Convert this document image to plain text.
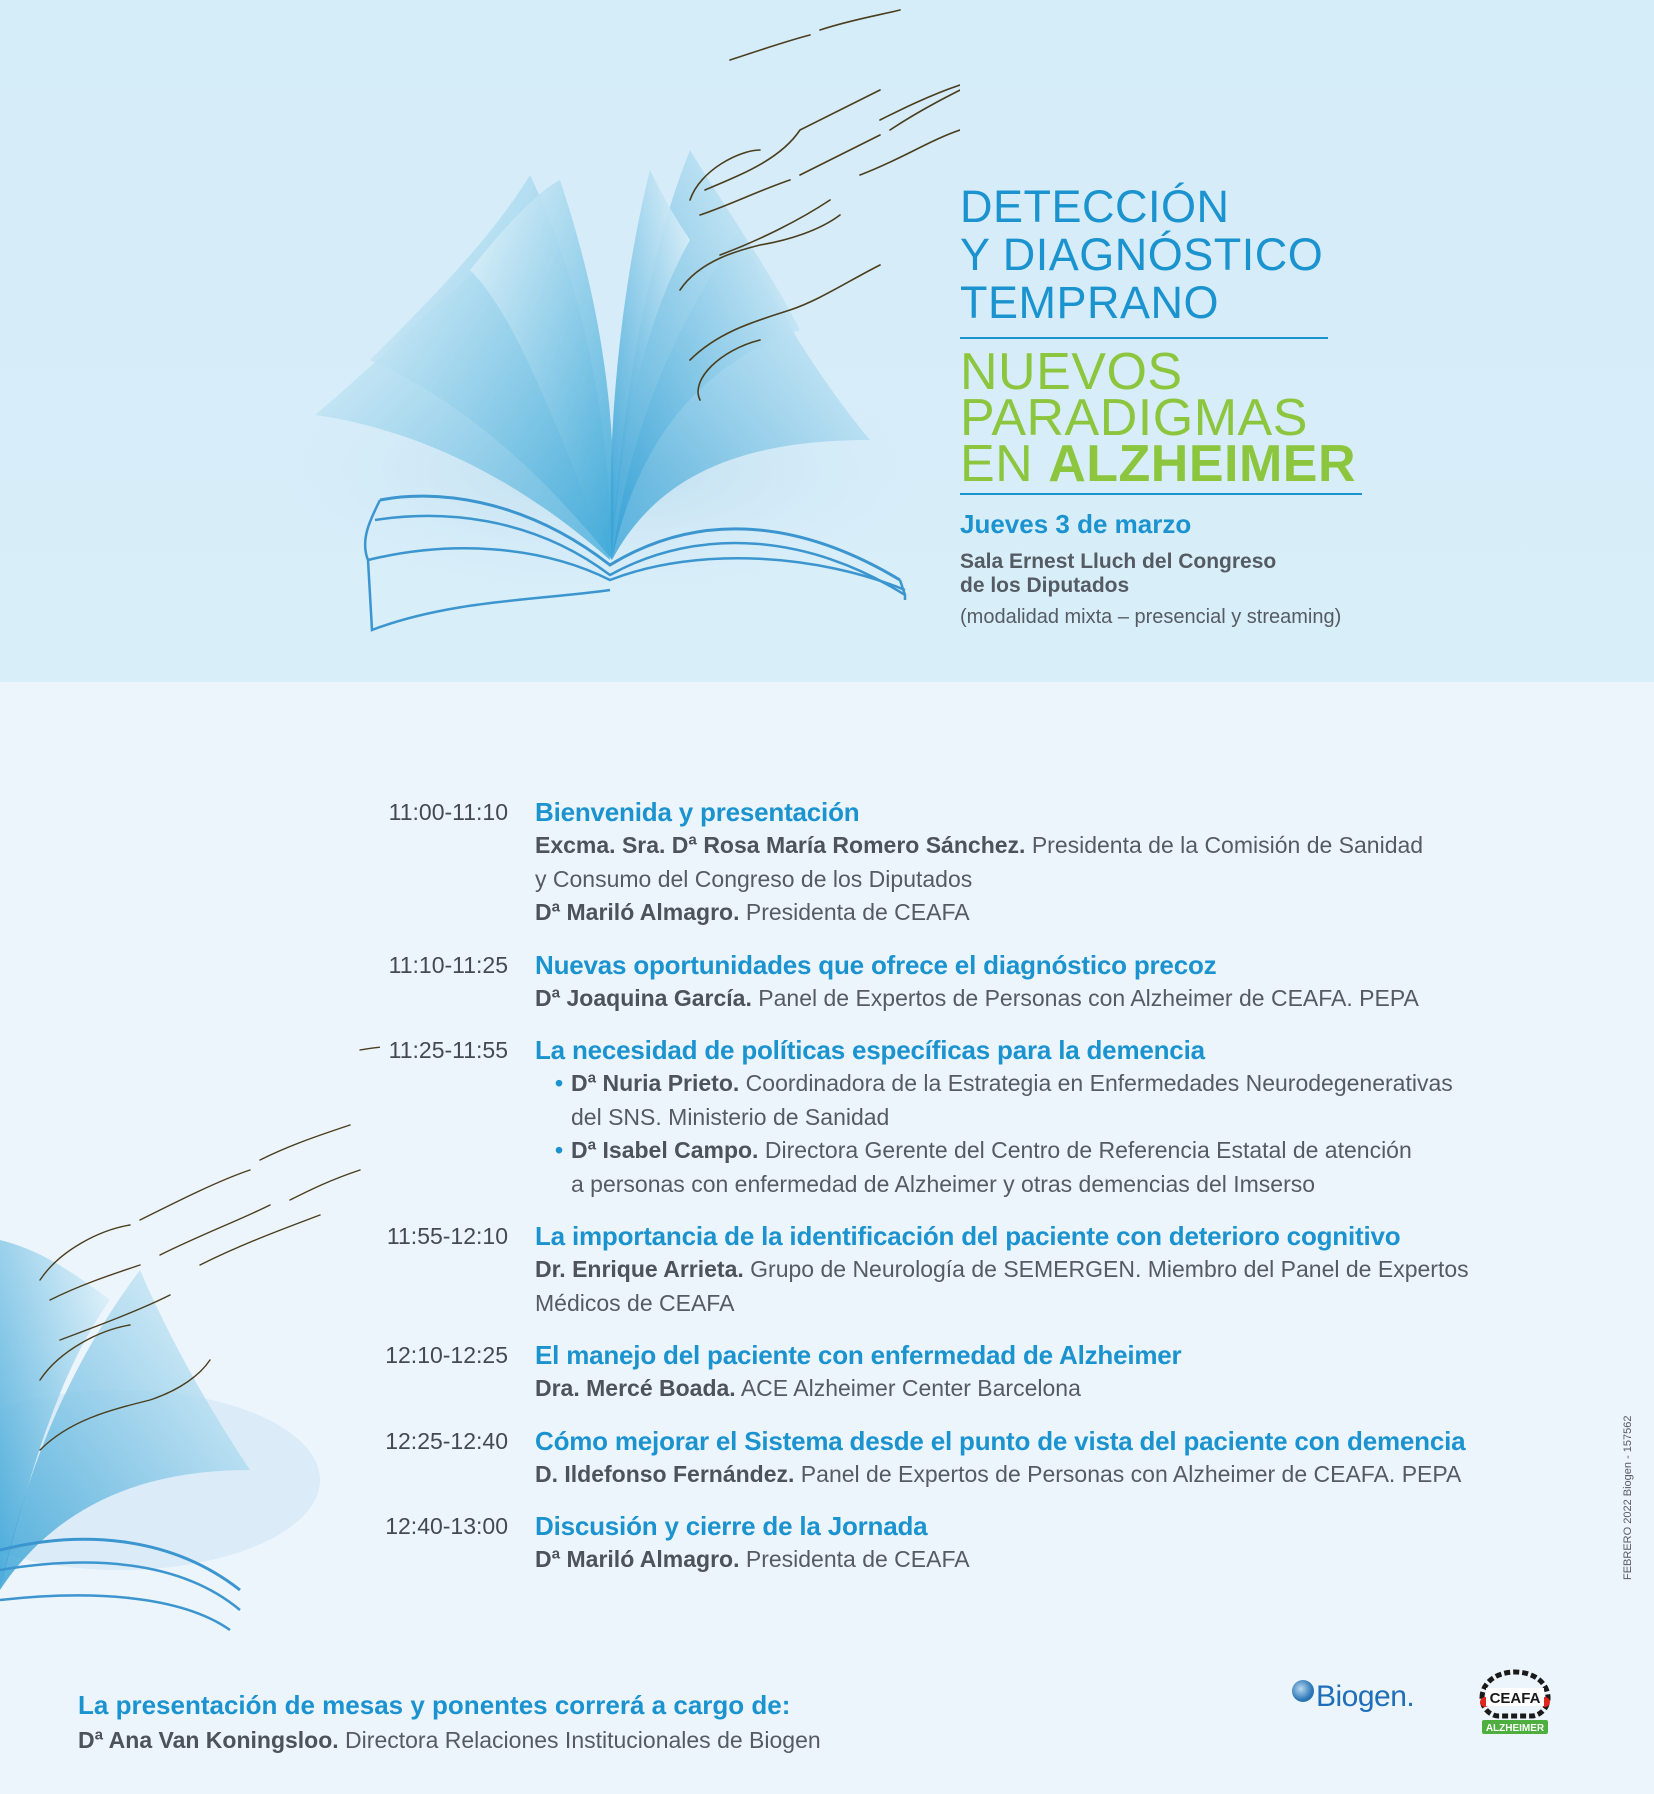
DETECCIÓN
Y DIAGNÓSTICO
TEMPRANO
NUEVOS
PARADIGMAS
EN ALZHEIMER
Jueves 3 de marzo
Sala Ernest Lluch del Congreso
de los Diputados
(modalidad mixta – presencial y streaming)
11:00-11:10	Bienvenida y presentación
Excma. Sra. Dª Rosa María Romero Sánchez. Presidenta de la Comisión de Sanidad
y Consumo del Congreso de los Diputados
Dª Mariló Almagro. Presidenta de CEAFA
11:10-11:25	Nuevas oportunidades que ofrece el diagnóstico precoz
Dª Joaquina García. Panel de Expertos de Personas con Alzheimer de CEAFA. PEPA
11:25-11:55	La necesidad de políticas específicas para la demencia
• Dª Nuria Prieto. Coordinadora de la Estrategia en Enfermedades Neurodegenerativas
del SNS. Ministerio de Sanidad
• Dª Isabel Campo. Directora Gerente del Centro de Referencia Estatal de atención
a personas con enfermedad de Alzheimer y otras demencias del Imserso
11:55-12:10	La importancia de la identificación del paciente con deterioro cognitivo
Dr. Enrique Arrieta. Grupo de Neurología de SEMERGEN. Miembro del Panel de Expertos
Médicos de CEAFA
12:10-12:25	El manejo del paciente con enfermedad de Alzheimer
Dra. Mercé Boada. ACE Alzheimer Center Barcelona
12:25-12:40	Cómo mejorar el Sistema desde el punto de vista del paciente con demencia
D. Ildefonso Fernández. Panel de Expertos de Personas con Alzheimer de CEAFA. PEPA
12:40-13:00	Discusión y cierre de la Jornada
Dª Mariló Almagro. Presidenta de CEAFA
La presentación de mesas y ponentes correrá a cargo de:
Dª Ana Van Koningsloo. Directora Relaciones Institucionales de Biogen
FEBRERO 2022 Biogen - 157562
Biogen.	CEAFA
ALZHEIMER
